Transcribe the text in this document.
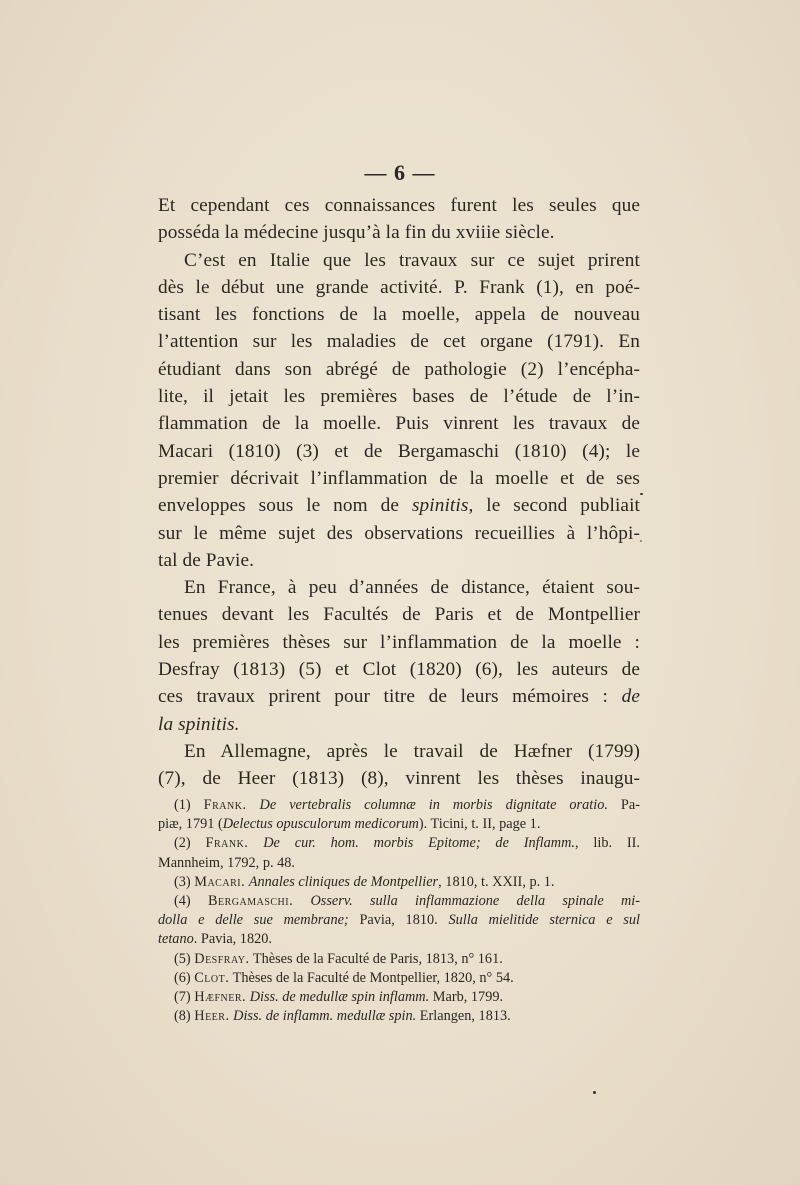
— 6 —
Et cependant ces connaissances furent les seules que
posséda la médecine jusqu’à la fin du xviiie siècle.
C’est en Italie que les travaux sur ce sujet prirent
dès le début une grande activité. P. Frank (1), en poé-
tisant les fonctions de la moelle, appela de nouveau
l’attention sur les maladies de cet organe (1791). En
étudiant dans son abrégé de pathologie (2) l’encépha-
lite, il jetait les premières bases de l’étude de l’in-
flammation de la moelle. Puis vinrent les travaux de
Macari (1810) (3) et de Bergamaschi (1810) (4); le
premier décrivait l’inflammation de la moelle et de ses
enveloppes sous le nom de spinitis, le second publiait
sur le même sujet des observations recueillies à l’hôpi-
tal de Pavie.
En France, à peu d’années de distance, étaient sou-
tenues devant les Facultés de Paris et de Montpellier
les premières thèses sur l’inflammation de la moelle :
Desfray (1813) (5) et Clot (1820) (6), les auteurs de
ces travaux prirent pour titre de leurs mémoires : de
la spinitis.
En Allemagne, après le travail de Hæfner (1799)
(7), de Heer (1813) (8), vinrent les thèses inaugu-
(1) Frank. De vertebralis columnæ in morbis dignitate oratio. Pa-
piæ, 1791 (Delectus opusculorum medicorum). Ticini, t. II, page 1.
(2) Frank. De cur. hom. morbis Epitome; de Inflamm., lib. II.
Mannheim, 1792, p. 48.
(3) Macari. Annales cliniques de Montpellier, 1810, t. XXII, p. 1.
(4) Bergamaschi. Osserv. sulla inflammazione della spinale mi-
dolla e delle sue membrane; Pavia, 1810. Sulla mielitide sternica e sul
tetano. Pavia, 1820.
(5) Desfray. Thèses de la Faculté de Paris, 1813, n° 161.
(6) Clot. Thèses de la Faculté de Montpellier, 1820, n° 54.
(7) Hæfner. Diss. de medullæ spin inflamm. Marb, 1799.
(8) Heer. Diss. de inflamm. medullæ spin. Erlangen, 1813.
